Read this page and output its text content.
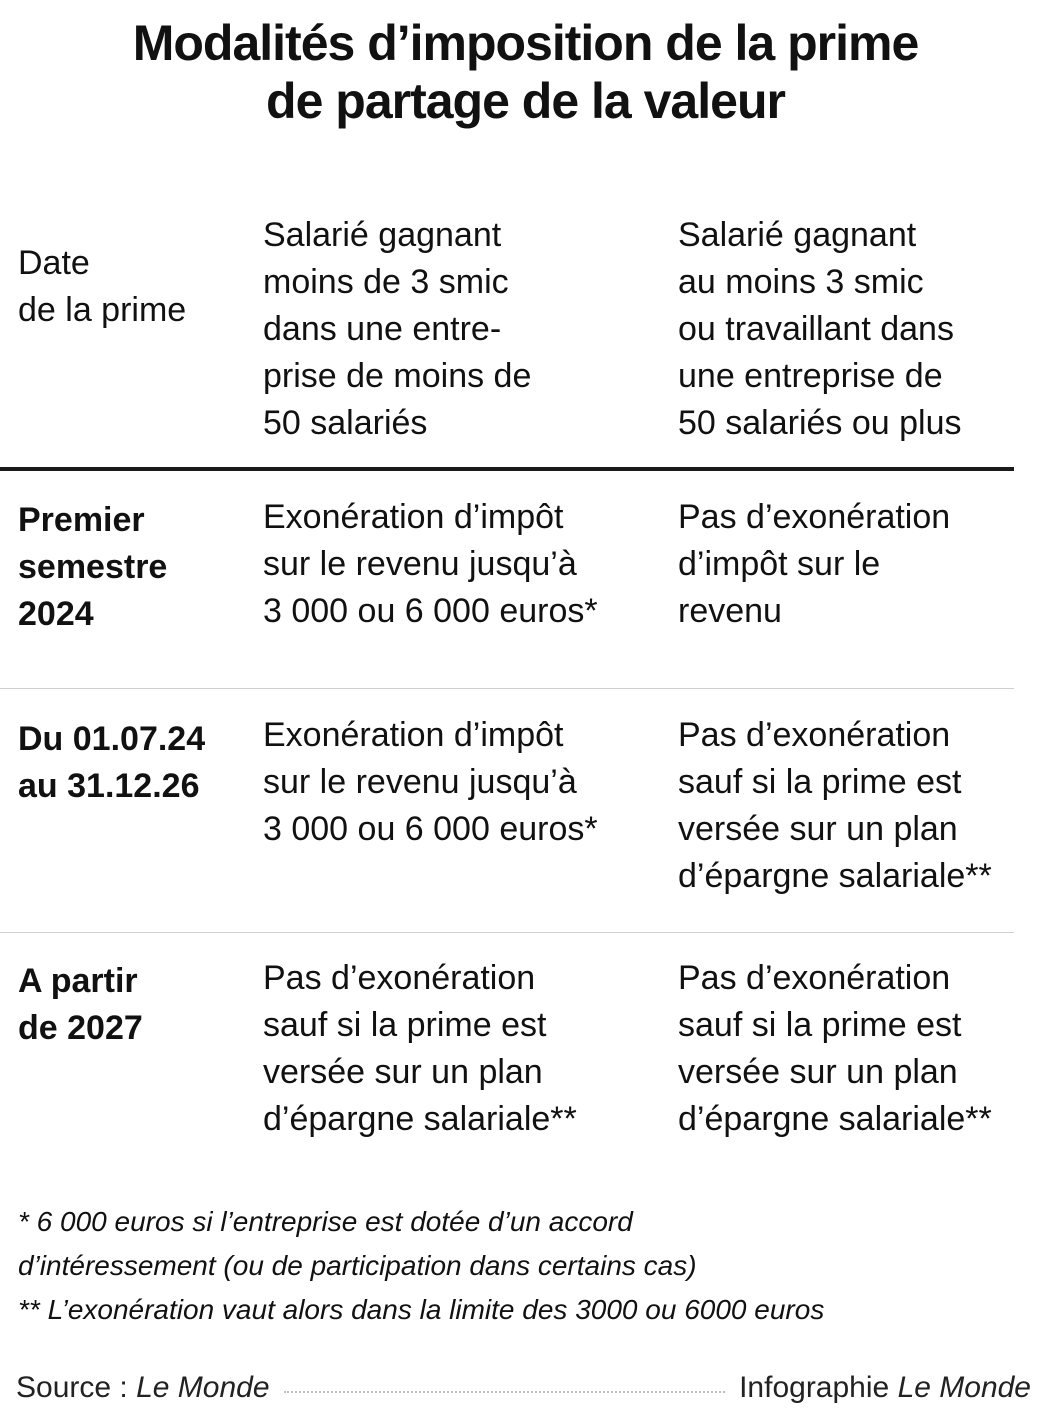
Modalités d’imposition de la prime
de partage de la valeur
Date
de la prime
Salarié gagnant
moins de 3 smic
dans une entre-
prise de moins de
50 salariés
Salarié gagnant
au moins 3 smic
ou travaillant dans
une entreprise de
50 salariés ou plus
Premier
semestre
2024
Exonération d’impôt
sur le revenu jusqu’à
3 000 ou 6 000 euros*
Pas d’exonération
d’impôt sur le
revenu
Du 01.07.24
au 31.12.26
Exonération d’impôt
sur le revenu jusqu’à
3 000 ou 6 000 euros*
Pas d’exonération
sauf si la prime est
versée sur un plan
d’épargne salariale**
A partir
de 2027
Pas d’exonération
sauf si la prime est
versée sur un plan
d’épargne salariale**
Pas d’exonération
sauf si la prime est
versée sur un plan
d’épargne salariale**
* 6 000 euros si l’entreprise est dotée d’un accord
d’intéressement (ou de participation dans certains cas)
** L’exonération vaut alors dans la limite des 3000 ou 6000 euros
Source : Le Monde	Infographie Le Monde
